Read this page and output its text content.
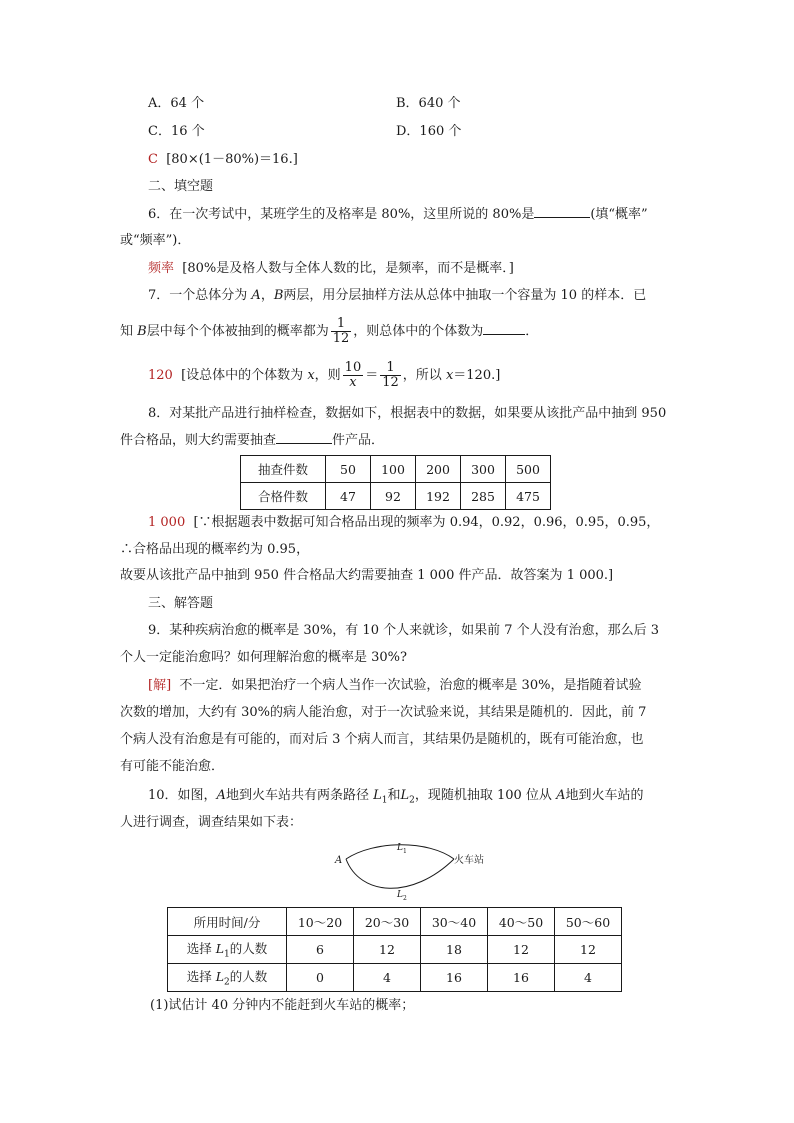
A．64 个	B．640 个
C．16 个	D．160 个
C [80×(1－80%)＝16.]
二、填空题
6．在一次考试中，某班学生的及格率是 80%，这里所说的 80%是	(填“概率”
或“频率”)．
频率 [80%是及格人数与全体人数的比，是频率，而不是概率．]
7．一个总体分为 A，B两层，用分层抽样方法从总体中抽取一个容量为 10 的样本．已
知 B层中每个个体被抽到的概率都为 $\frac{1}{12}$ ，则总体中的个体数为	．
120 [设总体中的个体数为 x，则 $\frac{10}{x} = \frac{1}{12}$ ，所以 x＝120.]
8．对某批产品进行抽样检查，数据如下，根据表中的数据，如果要从该批产品中抽到 950
件合格品，则大约需要抽查	件产品．
抽查件数	50	100	200	300	500
合格件数	47	92	192	285	475
1 000 [∵根据题表中数据可知合格品出现的频率为 0.94，0.92，0.96，0.95，0.95，
∴合格品出现的概率约为 0.95，
故要从该批产品中抽到 950 件合格品大约需要抽查 1 000 件产品．故答案为 1 000.]
三、解答题
9．某种疾病治愈的概率是 30%，有 10 个人来就诊，如果前 7 个人没有治愈，那么后 3
个人一定能治愈吗？如何理解治愈的概率是 30%?
[解] 不一定．如果把治疗一个病人当作一次试验，治愈的概率是 30%，是指随着试验
次数的增加，大约有 30%的病人能治愈，对于一次试验来说，其结果是随机的．因此，前 7
个病人没有治愈是有可能的，而对后 3 个病人而言，其结果仍是随机的，既有可能治愈，也
有可能不能治愈．
10．如图，A地到火车站共有两条路径 $L_1$和$L_2$，现随机抽取 100 位从 A地到火车站的
人进行调查，调查结果如下表：
A	火车站
L 1
L 2
所用时间/分	10～20	20～30	30～40	40～50	50～60
选择 $L_1$的人数	6	12	18	12	12
选择 $L_2$的人数	0	4	16	16	4
(1)试估计 40 分钟内不能赶到火车站的概率；
